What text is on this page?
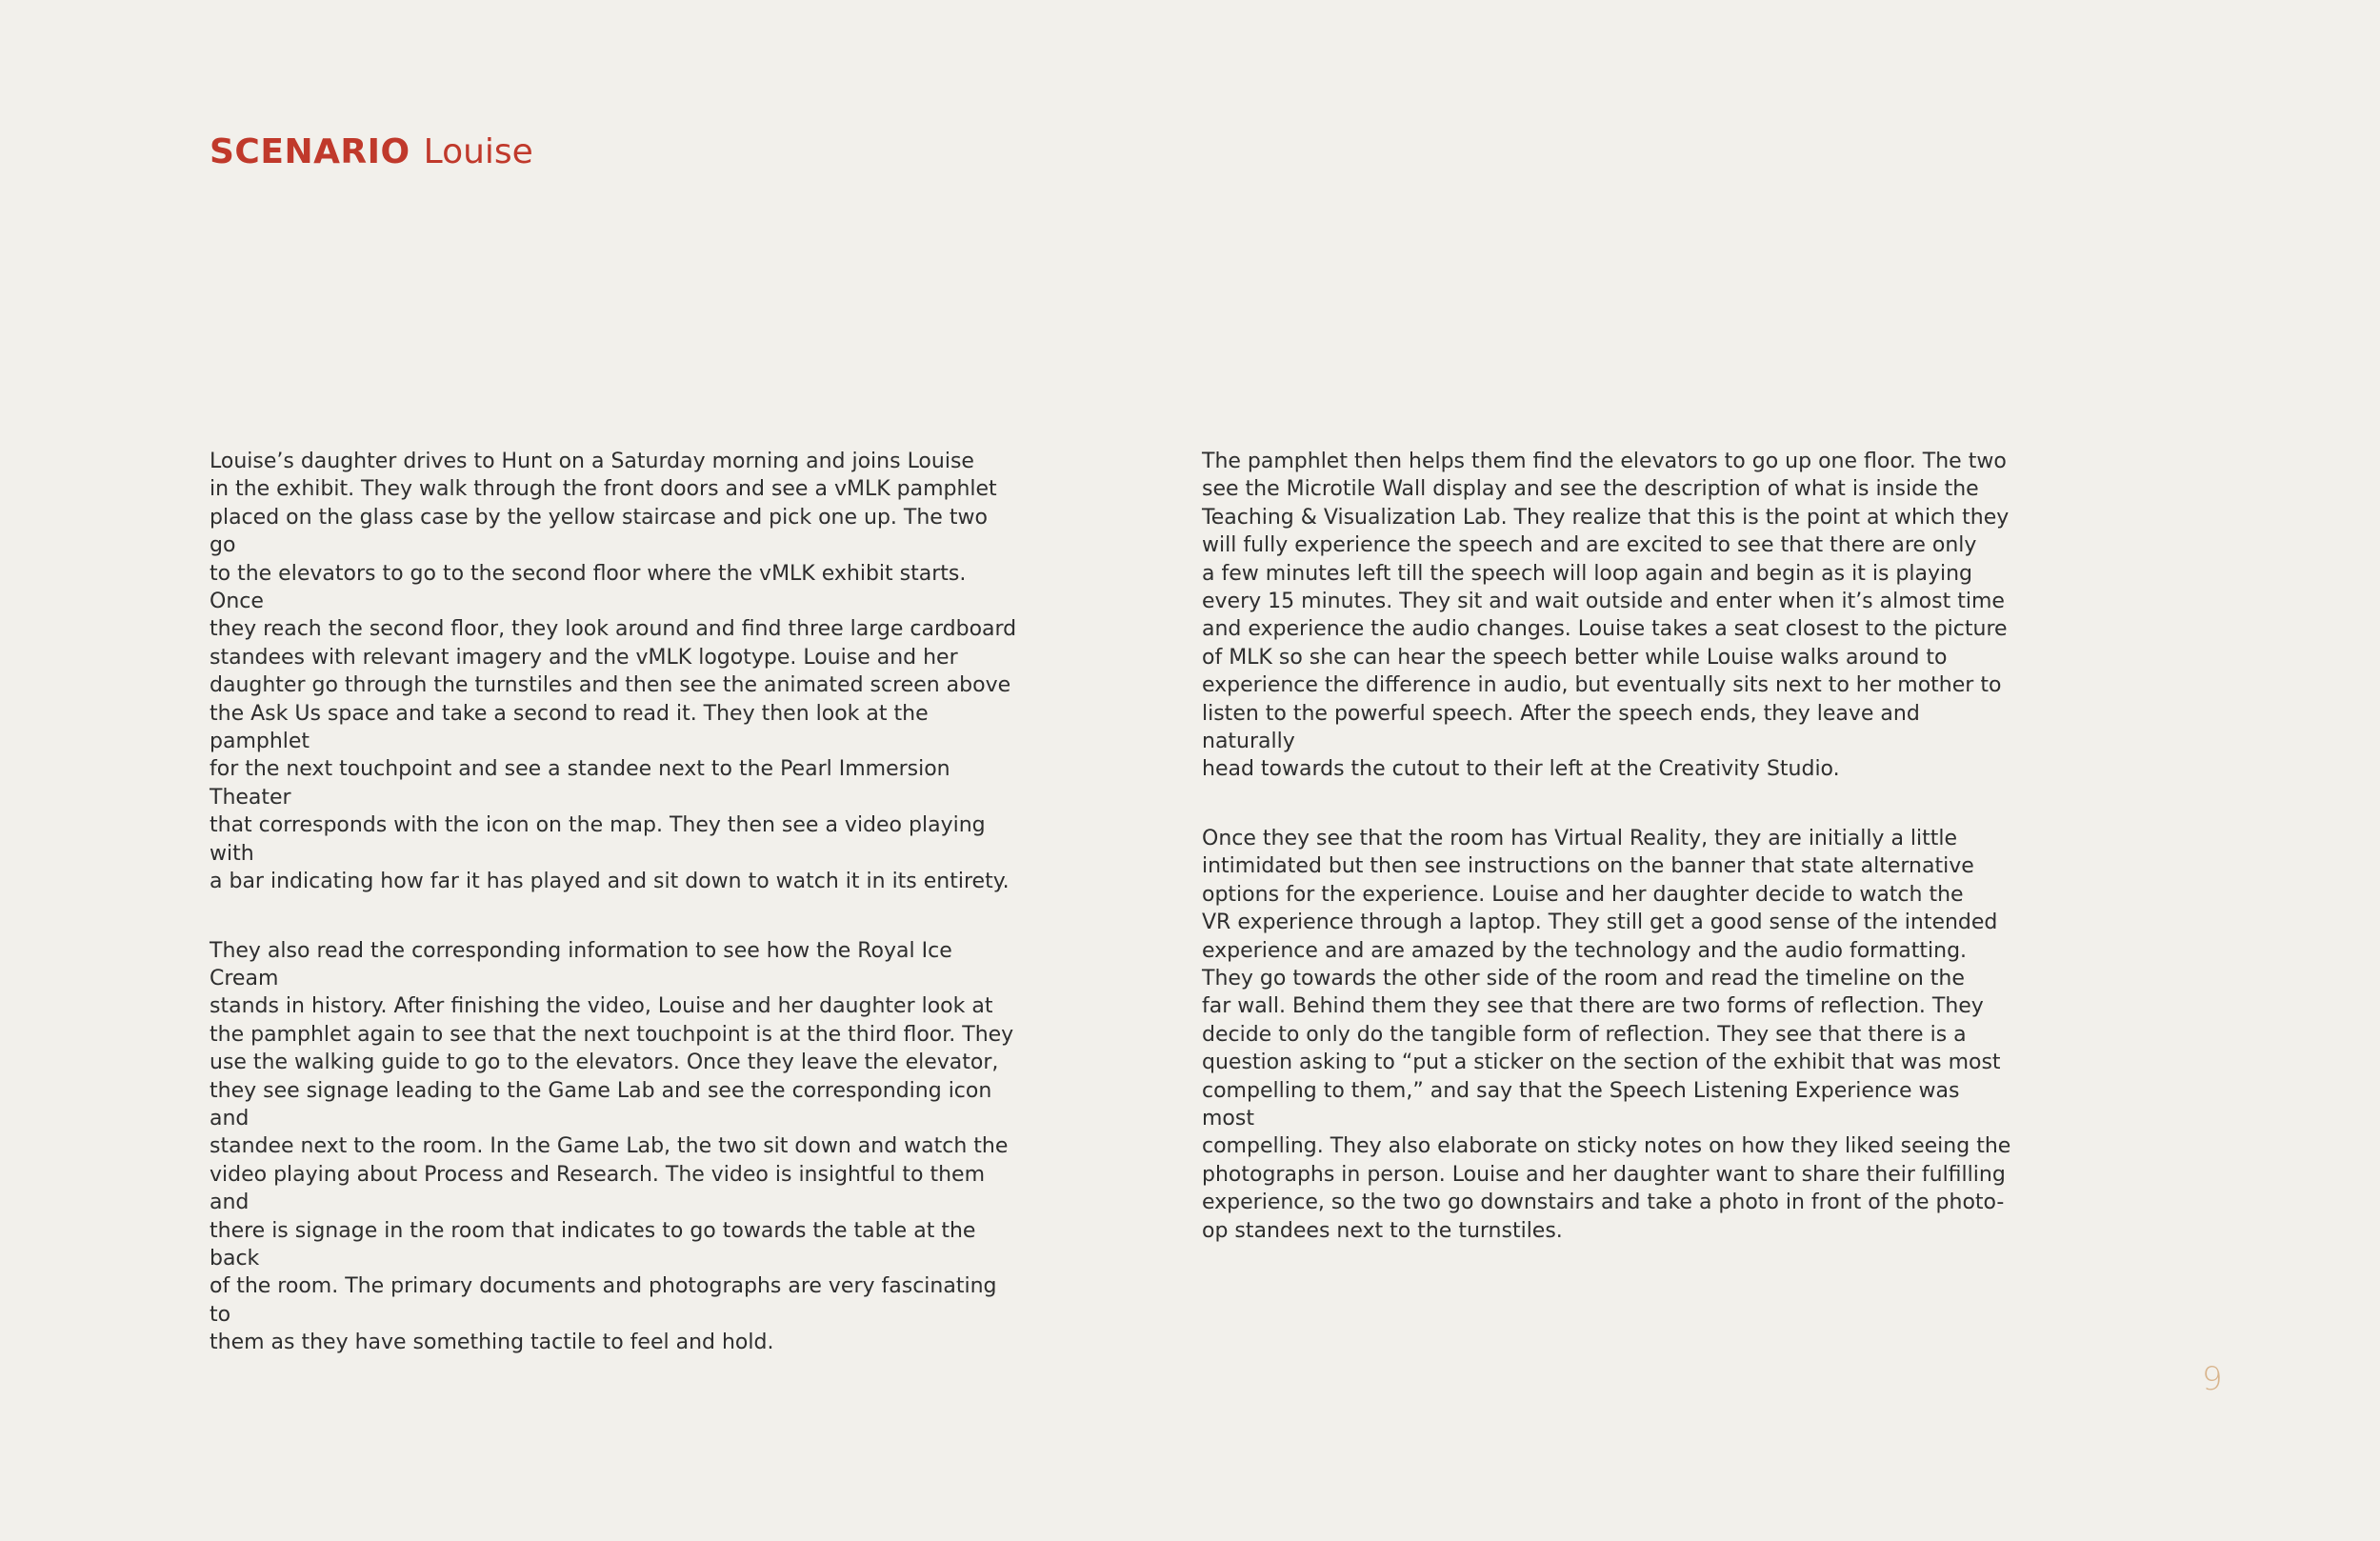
SCENARIO Louise

Louise’s daughter drives to Hunt on a Saturday morning and joins Louise
in the exhibit. They walk through the front doors and see a vMLK pamphlet
placed on the glass case by the yellow staircase and pick one up. The two go
to the elevators to go to the second floor where the vMLK exhibit starts. Once
they reach the second floor, they look around and find three large cardboard
standees with relevant imagery and the vMLK logotype. Louise and her
daughter go through the turnstiles and then see the animated screen above
the Ask Us space and take a second to read it. They then look at the pamphlet
for the next touchpoint and see a standee next to the Pearl Immersion Theater
that corresponds with the icon on the map. They then see a video playing with
a bar indicating how far it has played and sit down to watch it in its entirety.

They also read the corresponding information to see how the Royal Ice Cream
stands in history. After finishing the video, Louise and her daughter look at
the pamphlet again to see that the next touchpoint is at the third floor. They
use the walking guide to go to the elevators. Once they leave the elevator,
they see signage leading to the Game Lab and see the corresponding icon and
standee next to the room. In the Game Lab, the two sit down and watch the
video playing about Process and Research. The video is insightful to them and
there is signage in the room that indicates to go towards the table at the back
of the room. The primary documents and photographs are very fascinating to
them as they have something tactile to feel and hold.

The pamphlet then helps them find the elevators to go up one floor. The two
see the Microtile Wall display and see the description of what is inside the
Teaching & Visualization Lab. They realize that this is the point at which they
will fully experience the speech and are excited to see that there are only
a few minutes left till the speech will loop again and begin as it is playing
every 15 minutes. They sit and wait outside and enter when it’s almost time
and experience the audio changes. Louise takes a seat closest to the picture
of MLK so she can hear the speech better while Louise walks around to
experience the difference in audio, but eventually sits next to her mother to
listen to the powerful speech. After the speech ends, they leave and naturally
head towards the cutout to their left at the Creativity Studio.

Once they see that the room has Virtual Reality, they are initially a little
intimidated but then see instructions on the banner that state alternative
options for the experience. Louise and her daughter decide to watch the
VR experience through a laptop. They still get a good sense of the intended
experience and are amazed by the technology and the audio formatting.
They go towards the other side of the room and read the timeline on the
far wall. Behind them they see that there are two forms of reflection. They
decide to only do the tangible form of reflection. They see that there is a
question asking to “put a sticker on the section of the exhibit that was most
compelling to them,” and say that the Speech Listening Experience was most
compelling. They also elaborate on sticky notes on how they liked seeing the
photographs in person. Louise and her daughter want to share their fulfilling
experience, so the two go downstairs and take a photo in front of the photo-
op standees next to the turnstiles.

9
